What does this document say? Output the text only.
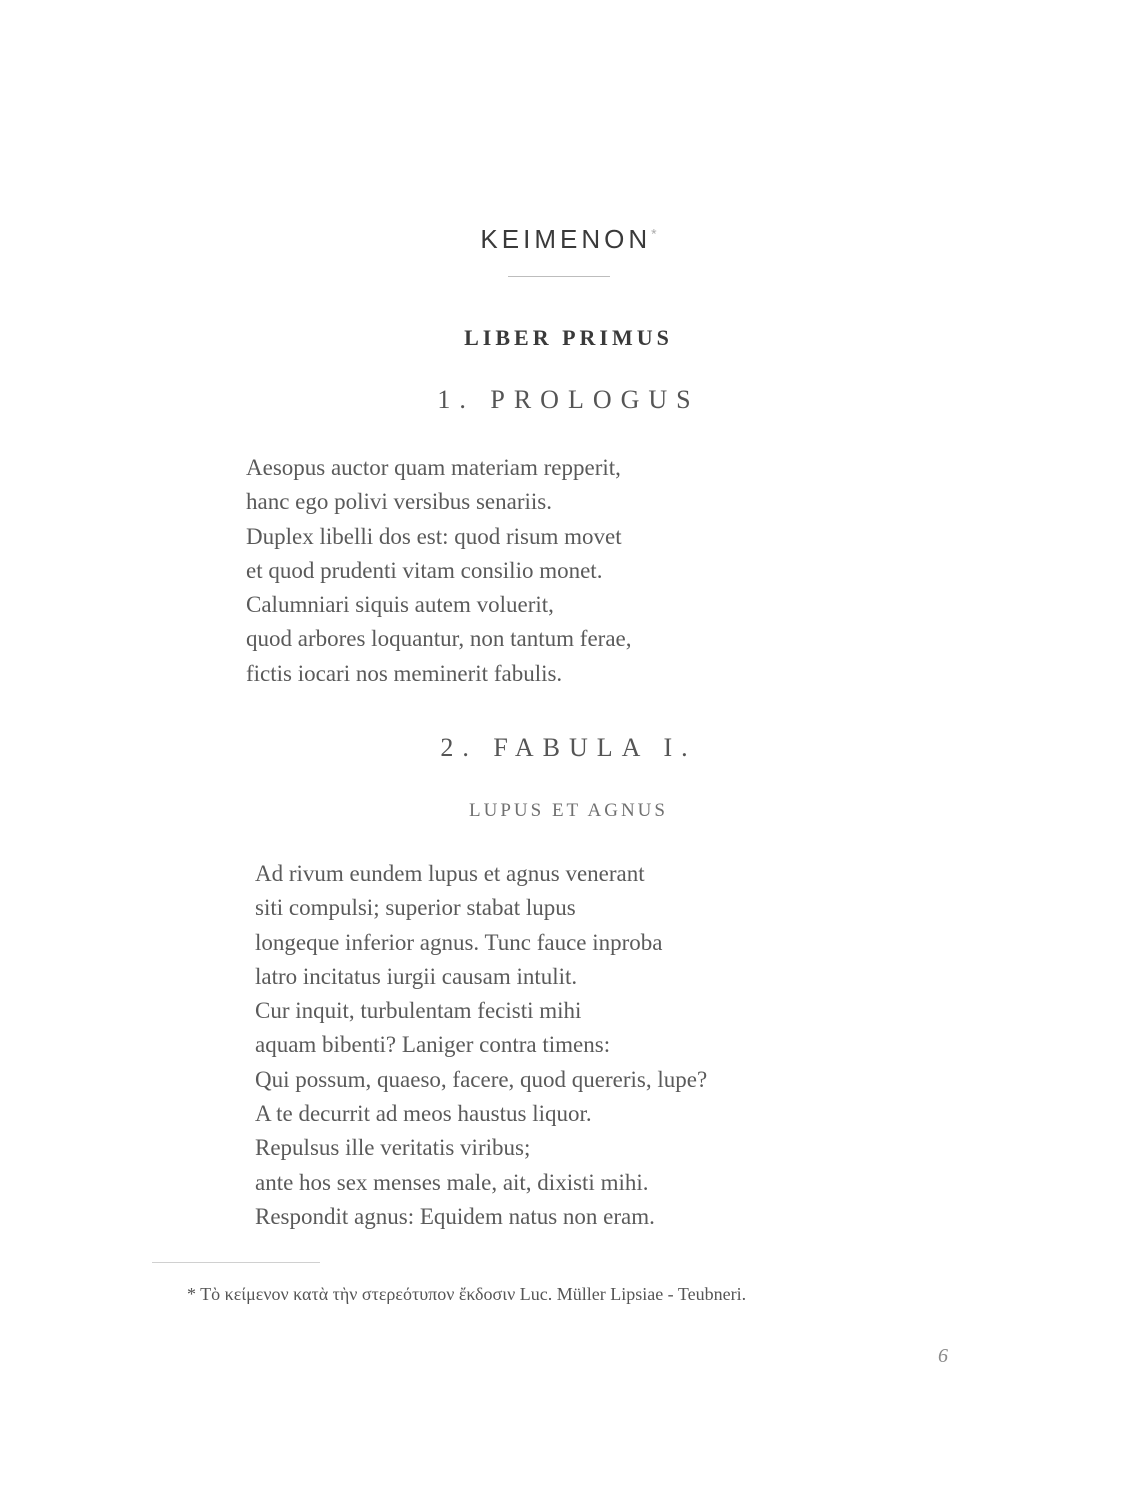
KEIMENON*
LIBER PRIMUS
1. PROLOGUS
Aesopus auctor quam materiam repperit,
hanc ego polivi versibus senariis.
Duplex libelli dos est: quod risum movet
et quod prudenti vitam consilio monet.
Calumniari siquis autem voluerit,
quod arbores loquantur, non tantum ferae,
fictis iocari nos meminerit fabulis.
2. FABULA I.
LUPUS ET AGNUS
Ad rivum eundem lupus et agnus venerant
siti compulsi; superior stabat lupus
longeque inferior agnus. Tunc fauce inproba
latro incitatus iurgii causam intulit.
Cur inquit, turbulentam fecisti mihi
aquam bibenti? Laniger contra timens:
Qui possum, quaeso, facere, quod quereris, lupe?
A te decurrit ad meos haustus liquor.
Repulsus ille veritatis viribus;
ante hos sex menses male, ait, dixisti mihi.
Respondit agnus: Equidem natus non eram.
* Τὸ κείμενον κατὰ τὴν στερεότυπον ἔκδοσιν Luc. Müller Lipsiae - Teubneri.
6
